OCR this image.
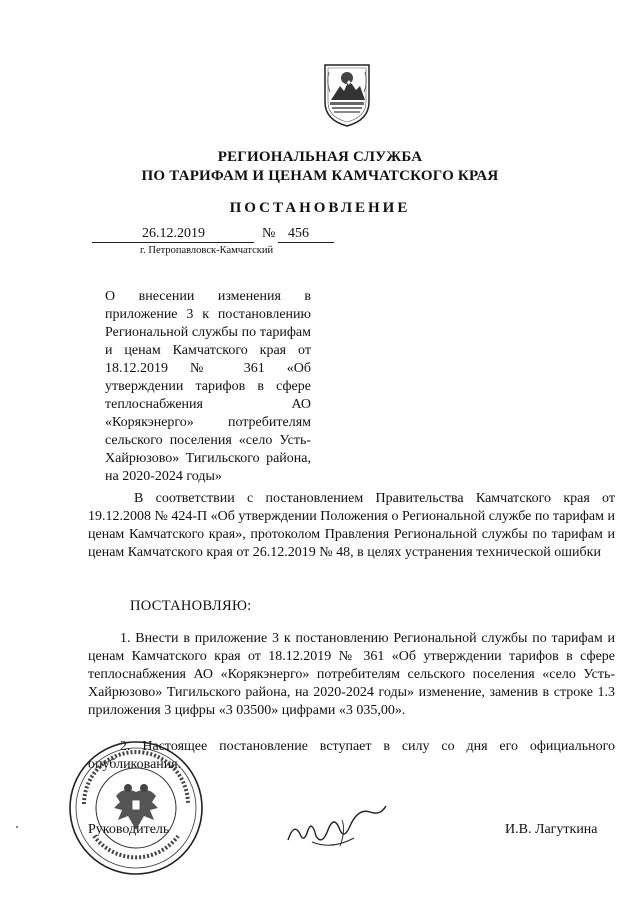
РЕГИОНАЛЬНАЯ СЛУЖБА
ПО ТАРИФАМ И ЦЕНАМ КАМЧАТСКОГО КРАЯ
ПОСТАНОВЛЕНИЕ
26.12.2019	№ 456
г. Петропавловск-Камчатский
О внесении изменения в приложение 3 к постановлению Региональной службы по тарифам и ценам Камчатского края от 18.12.2019 № 361 «Об утверждении тарифов в сфере теплоснабжения АО «Корякэнерго» потребителям сельского поселения «село Усть-Хайрюзово» Тигильского района, на 2020-2024 годы»
В соответствии с постановлением Правительства Камчатского края от 19.12.2008 № 424-П «Об утверждении Положения о Региональной службе по тарифам и ценам Камчатского края», протоколом Правления Региональной службы по тарифам и ценам Камчатского края от 26.12.2019 № 48, в целях устранения технической ошибки
ПОСТАНОВЛЯЮ:
1. Внести в приложение 3 к постановлению Региональной службы по тарифам и ценам Камчатского края от 18.12.2019 № 361 «Об утверждении тарифов в сфере теплоснабжения АО «Корякэнерго» потребителям сельского поселения «село Усть-Хайрюзово» Тигильского района, на 2020-2024 годы» изменение, заменив в строке 1.3 приложения 3 цифры «3 03500» цифрами «3 035,00».
2. Настоящее постановление вступает в силу со дня его официального опубликования.
Руководитель	И.В. Лагуткина
